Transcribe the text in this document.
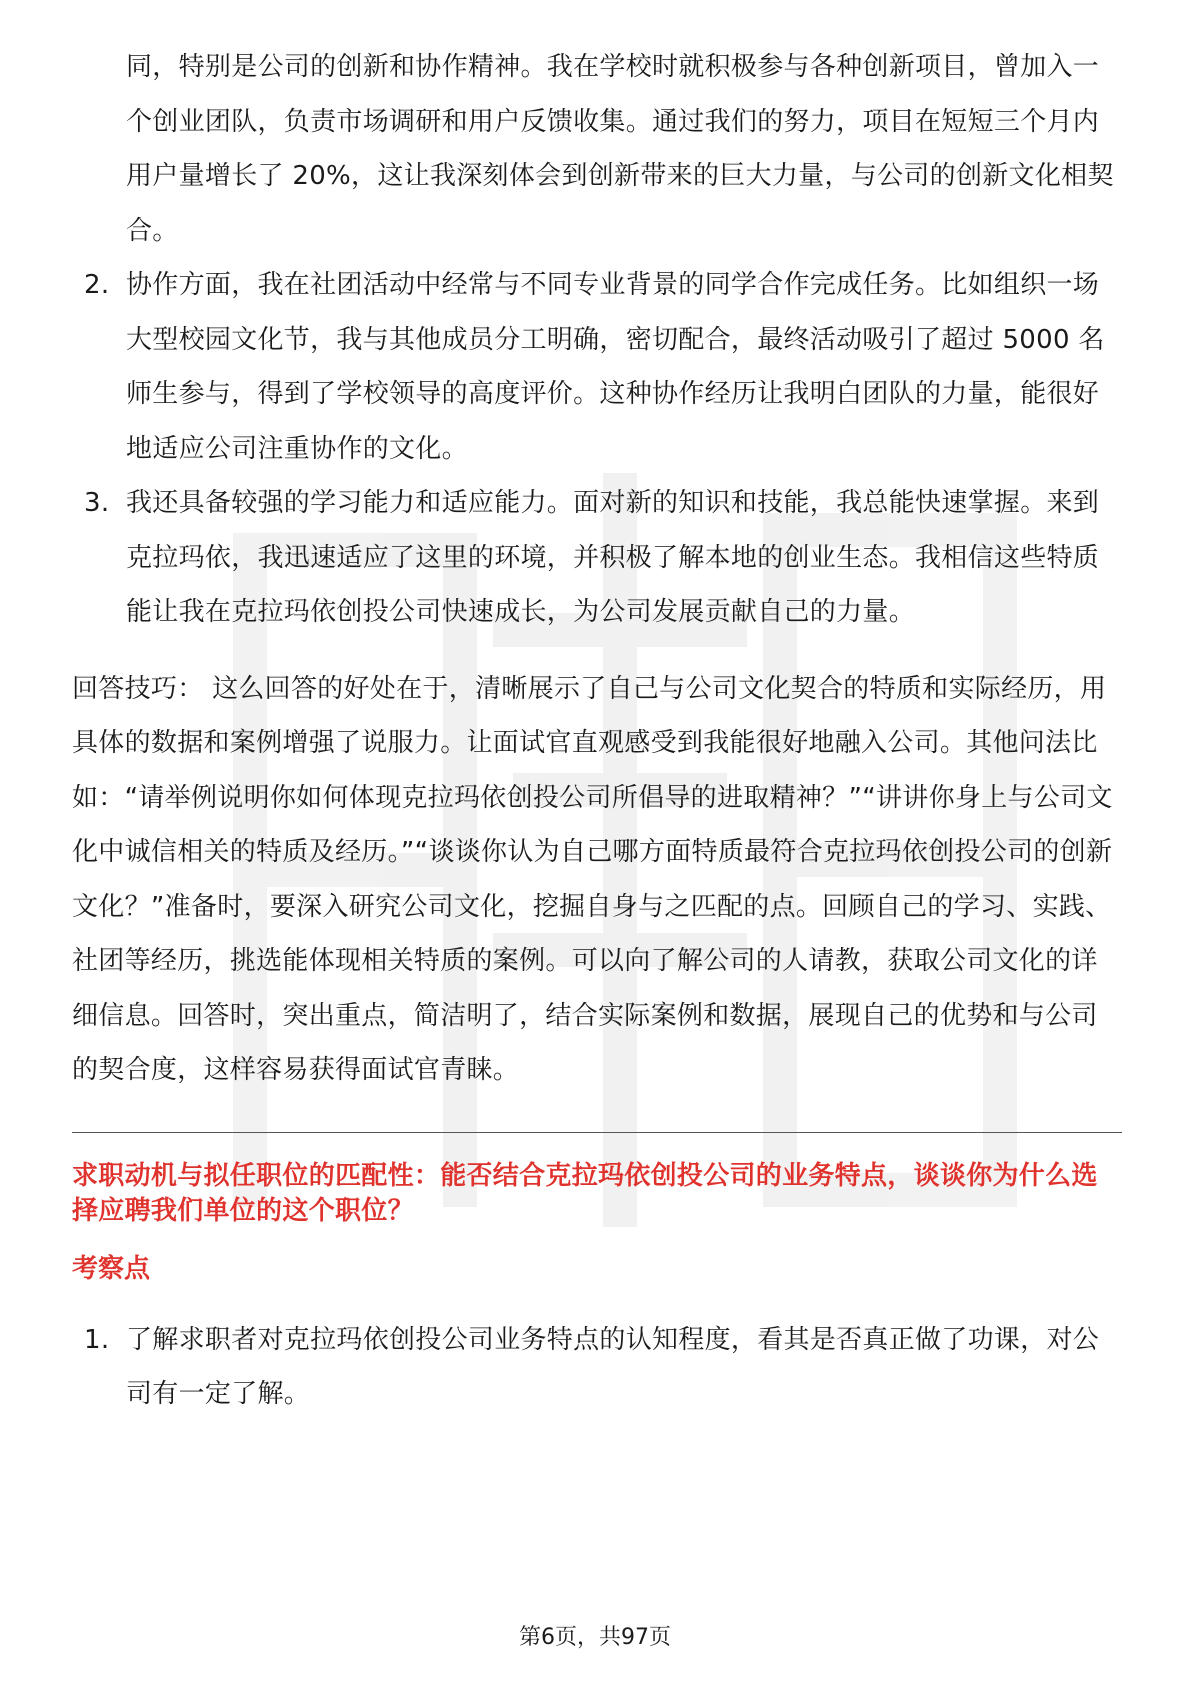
同，特别是公司的创新和协作精神。我在学校时就积极参与各种创新项目，曾加入一个创业团队，负责市场调研和用户反馈收集。通过我们的努力，项目在短短三个月内用户量增长了 20%，这让我深刻体会到创新带来的巨大力量，与公司的创新文化相契合。
2. 协作方面，我在社团活动中经常与不同专业背景的同学合作完成任务。比如组织一场大型校园文化节，我与其他成员分工明确，密切配合，最终活动吸引了超过 5000 名师生参与，得到了学校领导的高度评价。这种协作经历让我明白团队的力量，能很好地适应公司注重协作的文化。
3. 我还具备较强的学习能力和适应能力。面对新的知识和技能，我总能快速掌握。来到克拉玛依，我迅速适应了这里的环境，并积极了解本地的创业生态。我相信这些特质能让我在克拉玛依创投公司快速成长，为公司发展贡献自己的力量。

回答技巧： 这么回答的好处在于，清晰展示了自己与公司文化契合的特质和实际经历，用具体的数据和案例增强了说服力。让面试官直观感受到我能很好地融入公司。其他问法比如：“请举例说明你如何体现克拉玛依创投公司所倡导的进取精神？”“讲讲你身上与公司文化中诚信相关的特质及经历。”“谈谈你认为自己哪方面特质最符合克拉玛依创投公司的创新文化？”准备时，要深入研究公司文化，挖掘自身与之匹配的点。回顾自己的学习、实践、社团等经历，挑选能体现相关特质的案例。可以向了解公司的人请教，获取公司文化的详细信息。回答时，突出重点，简洁明了，结合实际案例和数据，展现自己的优势和与公司的契合度，这样容易获得面试官青睐。

求职动机与拟任职位的匹配性：能否结合克拉玛依创投公司的业务特点，谈谈你为什么选择应聘我们单位的这个职位？
考察点
1. 了解求职者对克拉玛依创投公司业务特点的认知程度，看其是否真正做了功课，对公司有一定了解。
第6页，共97页
